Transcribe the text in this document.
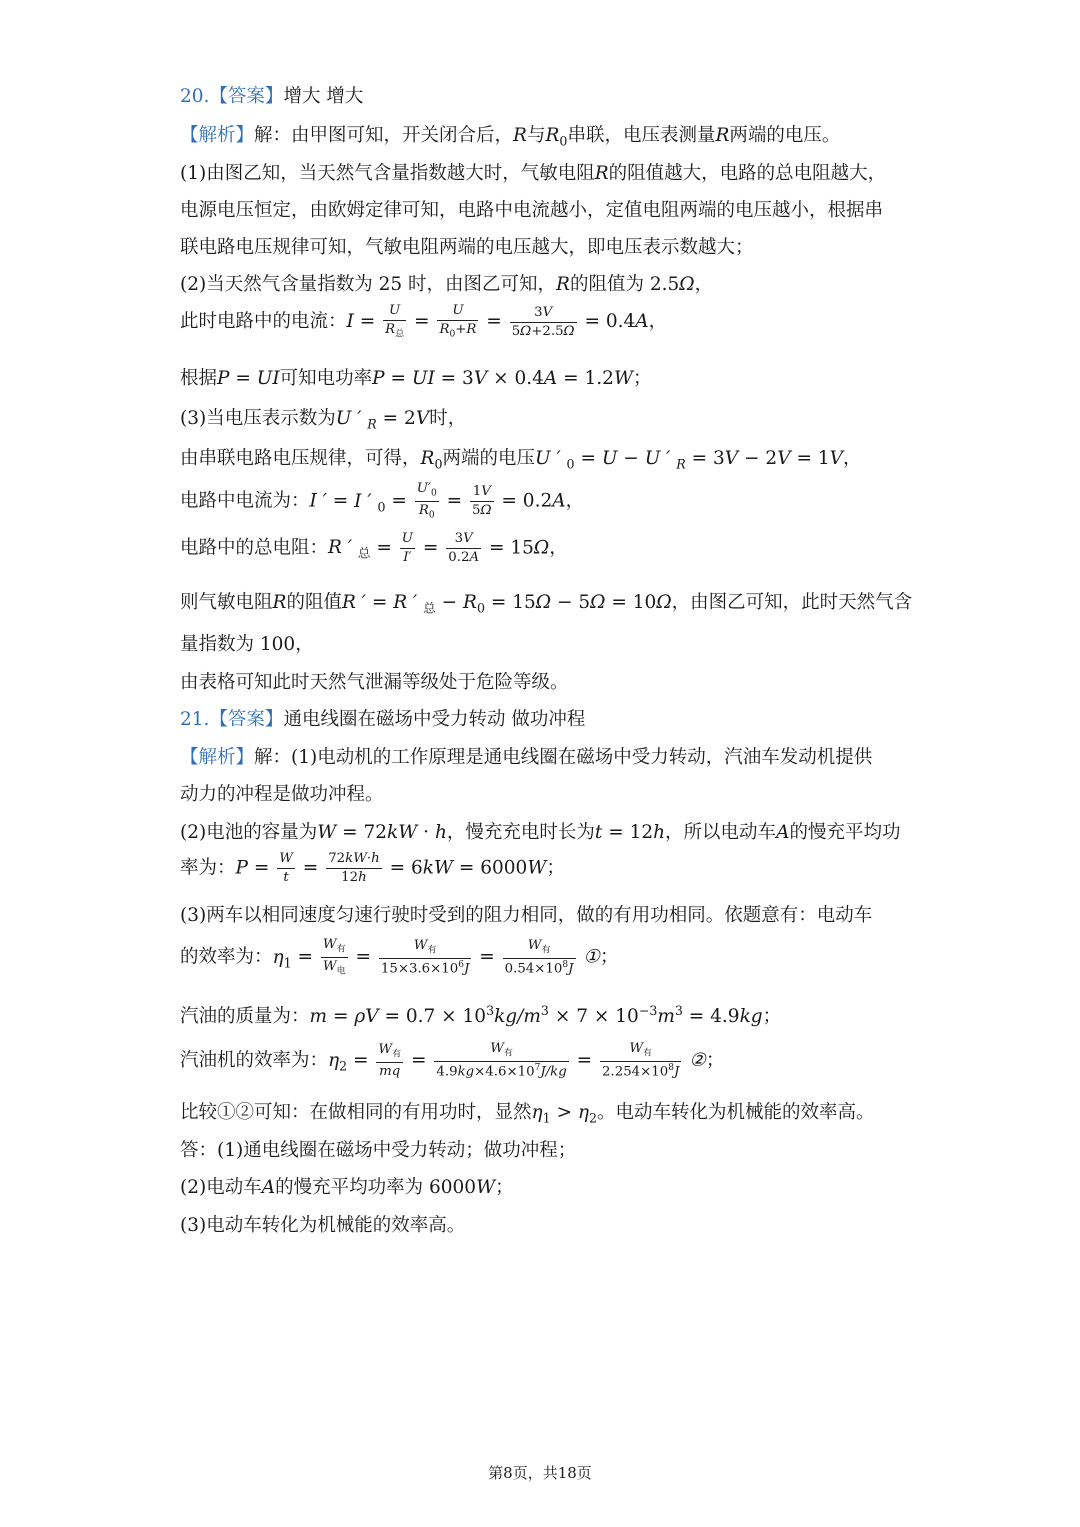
20.【答案】增大 增大
【解析】解：由甲图可知，开关闭合后，R与$R_0$串联，电压表测量R两端的电压。
(1)由图乙知，当天然气含量指数越大时，气敏电阻R的阻值越大，电路的总电阻越大，
电源电压恒定，由欧姆定律可知，电路中电流越小，定值电阻两端的电压越小，根据串
联电路电压规律可知，气敏电阻两端的电压越大，即电压表示数越大；
(2)当天然气含量指数为 25 时，由图乙可知，R的阻值为 2.5Ω，
此时电路中的电流：$I = \frac{U}{R_总} = \frac{U}{R_0+R} = \frac{3V}{5\Omega+2.5\Omega} = 0.4A$，
根据P = UI可知电功率P = UI = 3V × 0.4A = 1.2W；
(3)当电压表示数为U ′ $_R$ = 2V时，
由串联电路电压规律，可得，$R_0$两端的电压U ′ $_0$ = U − U ′ $_R$ = 3V − 2V = 1V，
电路中电流为：I ′ = I ′ $_0 = \frac{U'_0}{R_0} = \frac{1V}{5\Omega} = 0.2A$，
电路中的总电阻：R ′ $_总 = \frac{U}{I'} = \frac{3V}{0.2A} = 15\Omega$，
则气敏电阻R的阻值R ′ = R ′ $_总 - R_0 = 15\Omega - 5\Omega = 10\Omega$，由图乙可知，此时天然气含
量指数为 100，
由表格可知此时天然气泄漏等级处于危险等级。
21.【答案】通电线圈在磁场中受力转动 做功冲程
【解析】解：(1)电动机的工作原理是通电线圈在磁场中受力转动，汽油车发动机提供
动力的冲程是做功冲程。
(2)电池的容量为W = 72kW · h，慢充充电时长为t = 12h，所以电动车A的慢充平均功
率为：$P = \frac{W}{t} = \frac{72kW\cdot h}{12h} = 6kW = 6000W$；
(3)两车以相同速度匀速行驶时受到的阻力相同，做的有用功相同。依题意有：电动车
的效率为：$\eta_1 = \frac{W_有}{W_电} = \frac{W_有}{15\times 3.6\times 10^6J} = \frac{W_有}{0.54\times 10^8J}$ ①；
汽油的质量为：$m = \rho V = 0.7 \times 10^3kg/m^3 \times 7 \times 10^{-3}m^3 = 4.9kg$；
汽油机的效率为：$\eta_2 = \frac{W_有}{mq} = \frac{W_有}{4.9kg\times 4.6\times 10^7J/kg} = \frac{W_有}{2.254\times 10^8J}$ ②；
比较①②可知：在做相同的有用功时，显然$\eta_1 > \eta_2$。电动车转化为机械能的效率高。
答：(1)通电线圈在磁场中受力转动；做功冲程；
(2)电动车A的慢充平均功率为 6000W；
(3)电动车转化为机械能的效率高。
第8页，共18页
